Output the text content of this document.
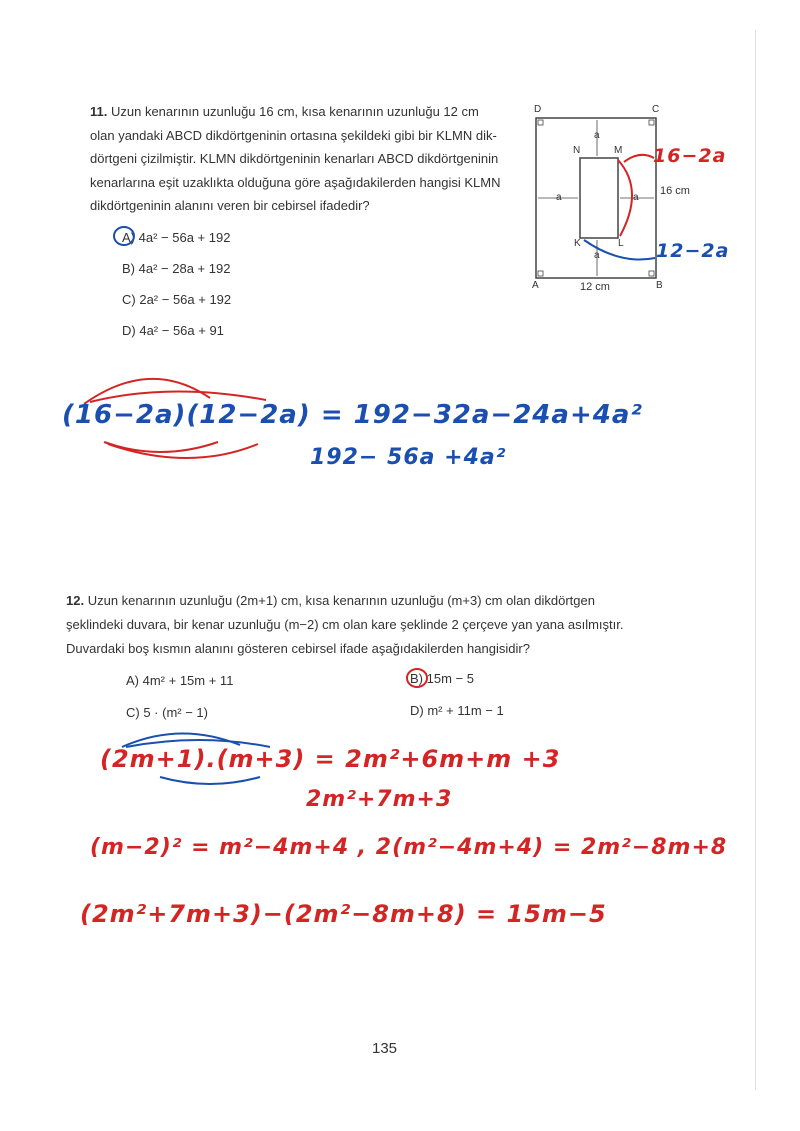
11. Uzun kenarının uzunluğu 16 cm, kısa kenarının uzunluğu 12 cm
olan yandaki ABCD dikdörtgeninin ortasına şekildeki gibi bir KLMN dik-
dörtgeni çizilmiştir. KLMN dikdörtgeninin kenarları ABCD dikdörtgeninin
kenarlarına eşit uzaklıkta olduğuna göre aşağıdakilerden hangisi KLMN
dikdörtgeninin alanını veren bir cebirsel ifadedir?
A) 4a² − 56a + 192
B) 4a² − 28a + 192
C) 2a² − 56a + 192
D) 4a² − 56a + 91
D	C
A	B
N	M
K	L
a
a
a	a
16 cm
12 cm
16−2a
12−2a
(16−2a)(12−2a) = 192−32a−24a+4a²
192− 56a +4a²
12. Uzun kenarının uzunluğu (2m+1) cm, kısa kenarının uzunluğu (m+3) cm olan dikdörtgen
şeklindeki duvara, bir kenar uzunluğu (m−2) cm olan kare şeklinde 2 çerçeve yan yana asılmıştır.
Duvardaki boş kısmın alanını gösteren cebirsel ifade aşağıdakilerden hangisidir?
A) 4m² + 15m + 11	B) 15m − 5
C) 5 · (m² − 1)	D) m² + 11m − 1
(2m+1).(m+3) = 2m²+6m+m +3
2m²+7m+3
(m−2)² = m²−4m+4 , 2(m²−4m+4) = 2m²−8m+8
(2m²+7m+3)−(2m²−8m+8) = 15m−5
135
